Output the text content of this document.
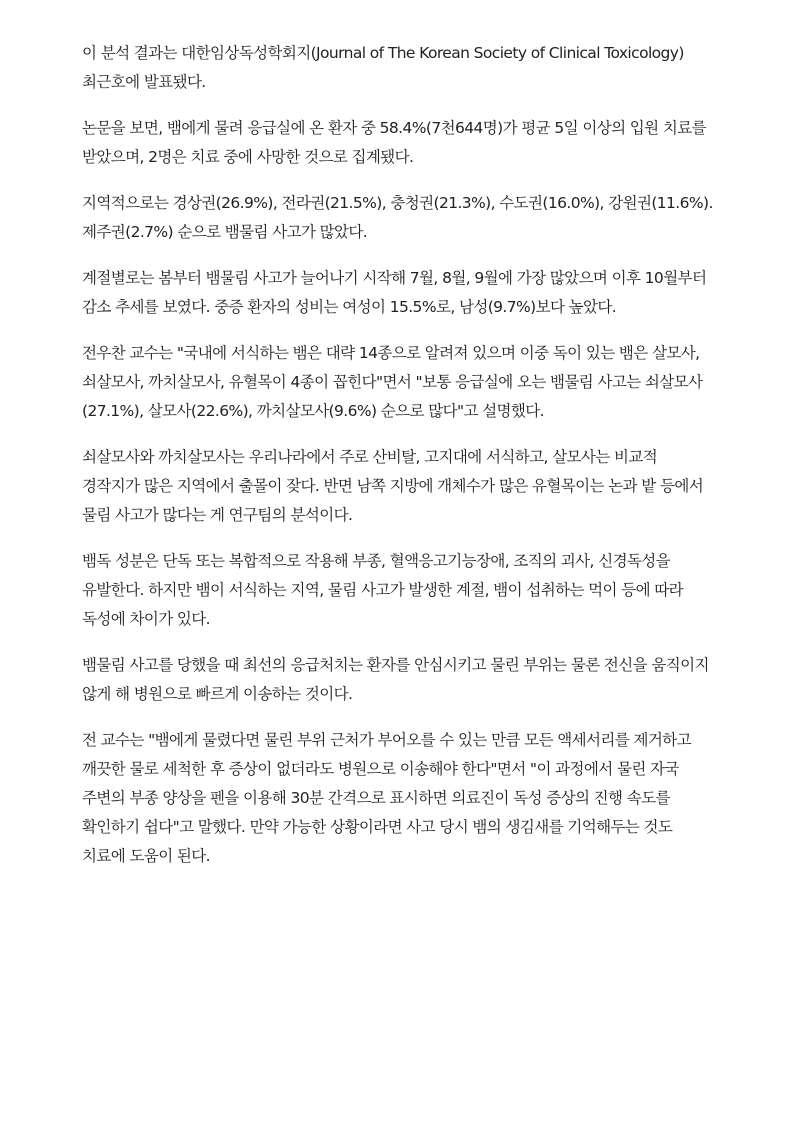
이 분석 결과는 대한임상독성학회지(Journal of The Korean Society of Clinical Toxicology) 최근호에 발표됐다.

논문을 보면, 뱀에게 물려 응급실에 온 환자 중 58.4%(7천644명)가 평균 5일 이상의 입원 치료를 받았으며, 2명은 치료 중에 사망한 것으로 집계됐다.

지역적으로는 경상권(26.9%), 전라권(21.5%), 충청권(21.3%), 수도권(16.0%), 강원권(11.6%). 제주권(2.7%) 순으로 뱀물림 사고가 많았다.

계절별로는 봄부터 뱀물림 사고가 늘어나기 시작해 7월, 8월, 9월에 가장 많았으며 이후 10월부터 감소 추세를 보였다. 중증 환자의 성비는 여성이 15.5%로, 남성(9.7%)보다 높았다.

전우찬 교수는 "국내에 서식하는 뱀은 대략 14종으로 알려져 있으며 이중 독이 있는 뱀은 살모사, 쇠살모사, 까치살모사, 유혈목이 4종이 꼽힌다"면서 "보통 응급실에 오는 뱀물림 사고는 쇠살모사(27.1%), 살모사(22.6%), 까치살모사(9.6%) 순으로 많다"고 설명했다.

쇠살모사와 까치살모사는 우리나라에서 주로 산비탈, 고지대에 서식하고, 살모사는 비교적 경작지가 많은 지역에서 출몰이 잦다. 반면 남쪽 지방에 개체수가 많은 유혈목이는 논과 밭 등에서 물림 사고가 많다는 게 연구팀의 분석이다.

뱀독 성분은 단독 또는 복합적으로 작용해 부종, 혈액응고기능장애, 조직의 괴사, 신경독성을 유발한다. 하지만 뱀이 서식하는 지역, 물림 사고가 발생한 계절, 뱀이 섭취하는 먹이 등에 따라 독성에 차이가 있다.

뱀물림 사고를 당했을 때 최선의 응급처치는 환자를 안심시키고 물린 부위는 물론 전신을 움직이지 않게 해 병원으로 빠르게 이송하는 것이다.

전 교수는 "뱀에게 물렸다면 물린 부위 근처가 부어오를 수 있는 만큼 모든 액세서리를 제거하고 깨끗한 물로 세척한 후 증상이 없더라도 병원으로 이송해야 한다"면서 "이 과정에서 물린 자국 주변의 부종 양상을 펜을 이용해 30분 간격으로 표시하면 의료진이 독성 증상의 진행 속도를 확인하기 쉽다"고 말했다. 만약 가능한 상황이라면 사고 당시 뱀의 생김새를 기억해두는 것도 치료에 도움이 된다.
